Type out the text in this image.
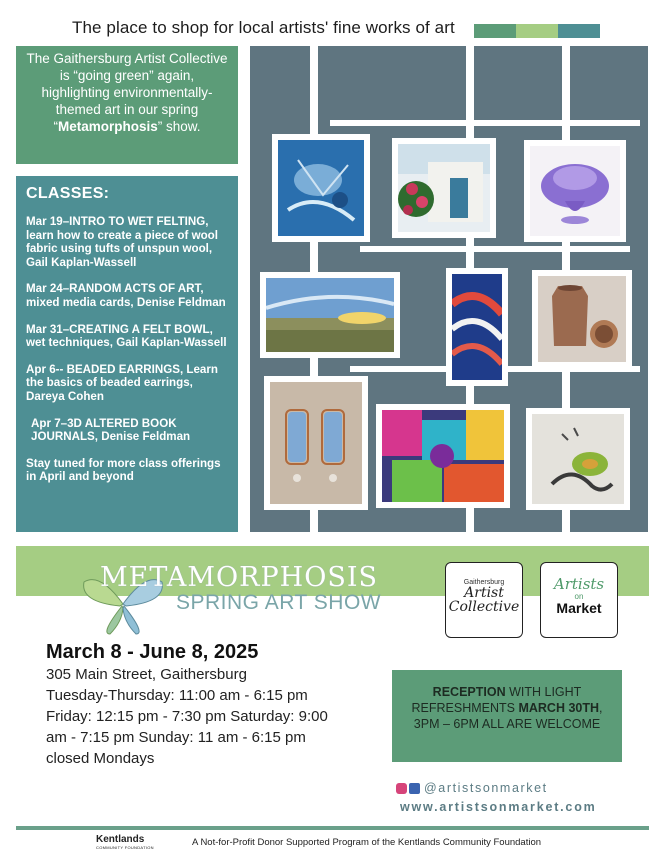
The place to shop for local artists' fine works of art
The Gaithersburg Artist Collective is “going green” again, highlighting environmentally-themed art in our spring “Metamorphosis” show.
CLASSES:
Mar 19–INTRO TO WET FELTING, learn how to create a piece of wool fabric using tufts of unspun wool, Gail Kaplan-Wassell
Mar 24–RANDOM ACTS OF ART, mixed media cards, Denise Feldman
Mar 31–CREATING A FELT BOWL, wet techniques, Gail Kaplan-Wassell
Apr 6-- BEADED EARRINGS, Learn the basics of beaded earrings, Dareya Cohen
Apr 7–3D ALTERED BOOK JOURNALS, Denise Feldman
Stay tuned for more class offerings in April and beyond
METAMORPHOSIS
SPRING ART SHOW
Gaithersburg
Artist
Collective
Artists
on
Market
March 8 - June 8, 2025
305 Main Street, Gaithersburg
Tuesday-Thursday: 11:00 am - 6:15 pm Friday: 12:15 pm - 7:30 pm Saturday: 9:00 am - 7:15 pm Sunday: 11 am - 6:15 pm closed Mondays
RECEPTION WITH LIGHT REFRESHMENTS MARCH 30TH, 3PM – 6PM ALL ARE WELCOME
@artistsonmarket
www.artistsonmarket.com
Kentlands
COMMUNITY FOUNDATION	A Not-for-Profit Donor Supported Program of the Kentlands Community Foundation
